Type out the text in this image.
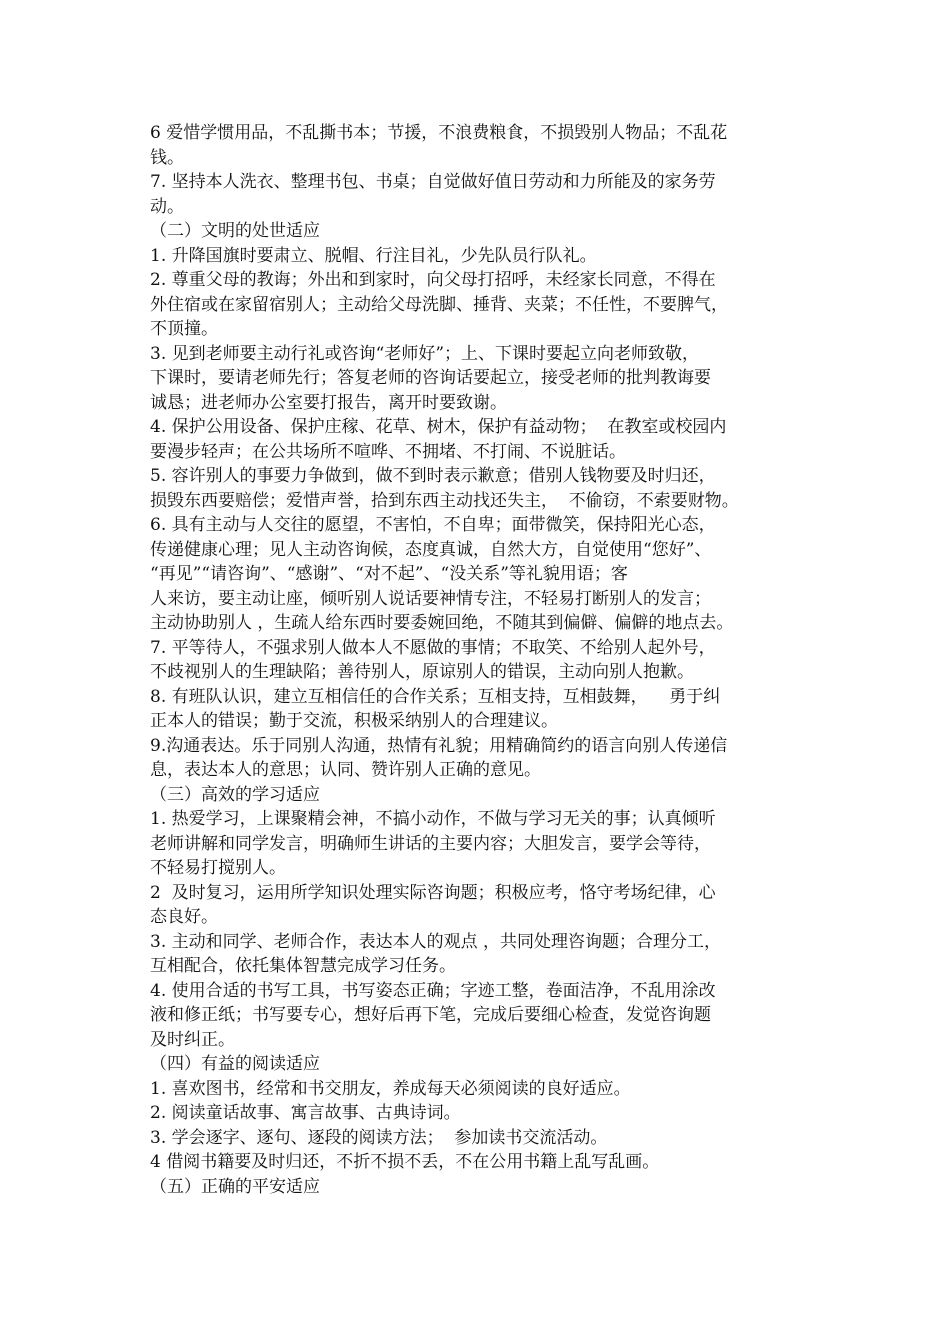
6 爱惜学惯用品，不乱撕书本；节援，不浪费粮食，不损毁别人物品；不乱花
钱。
7. 坚持本人洗衣、整理书包、书桌；自觉做好值日劳动和力所能及的家务劳
动。
（二）文明的处世适应
1. 升降国旗时要肃立、脱帽、行注目礼，少先队员行队礼。
2. 尊重父母的教诲；外出和到家时，向父母打招呼，未经家长同意，不得在
外住宿或在家留宿别人；主动给父母洗脚、捶背、夹菜；不任性，不要脾气，
不顶撞。
3. 见到老师要主动行礼或咨询“老师好”；上、下课时要起立向老师致敬，
下课时，要请老师先行；答复老师的咨询话要起立，接受老师的批判教诲要
诚恳；进老师办公室要打报告，离开时要致谢。
4. 保护公用设备、保护庄稼、花草、树木，保护有益动物；  在教室或校园内
要漫步轻声；在公共场所不喧哗、不拥堵、不打闹、不说脏话。
5. 容许别人的事要力争做到，做不到时表示歉意；借别人钱物要及时归还，
损毁东西要赔偿；爱惜声誉，拾到东西主动找还失主，  不偷窃，不索要财物。
6. 具有主动与人交往的愿望，不害怕，不自卑；面带微笑，保持阳光心态，
传递健康心理；见人主动咨询候，态度真诚，自然大方，自觉使用“您好”、
“再见”“请咨询”、“感谢”、“对不起”、“没关系”等礼貌用语；客
人来访，要主动让座，倾听别人说话要神情专注，不轻易打断别人的发言；
主动协助别人 ，生疏人给东西时要委婉回绝，不随其到偏僻、偏僻的地点去。
7. 平等待人，不强求别人做本人不愿做的事情；不取笑、不给别人起外号，
不歧视别人的生理缺陷；善待别人，原谅别人的错误，主动向别人抱歉。
8. 有班队认识，建立互相信任的合作关系；互相支持，互相鼓舞，    勇于纠
正本人的错误；勤于交流，积极采纳别人的合理建议。
9.沟通表达。乐于同别人沟通，热情有礼貌；用精确简约的语言向别人传递信
息，表达本人的意思；认同、赞许别人正确的意见。
（三）高效的学习适应
1. 热爱学习，上课聚精会神，不搞小动作，不做与学习无关的事；认真倾听
老师讲解和同学发言，明确师生讲话的主要内容；大胆发言，要学会等待，
不轻易打搅别人。
2  及时复习，运用所学知识处理实际咨询题；积极应考，恪守考场纪律，心
态良好。
3. 主动和同学、老师合作，表达本人的观点 ，共同处理咨询题；合理分工，
互相配合，依托集体智慧完成学习任务。
4. 使用合适的书写工具，书写姿态正确；字迹工整，卷面洁净，不乱用涂改
液和修正纸；书写要专心，想好后再下笔，完成后要细心检查，发觉咨询题
及时纠正。
（四）有益的阅读适应
1. 喜欢图书，经常和书交朋友，养成每天必须阅读的良好适应。
2. 阅读童话故事、寓言故事、古典诗词。
3. 学会逐字、逐句、逐段的阅读方法；  参加读书交流活动。
4 借阅书籍要及时归还，不折不损不丢，不在公用书籍上乱写乱画。
（五）正确的平安适应
